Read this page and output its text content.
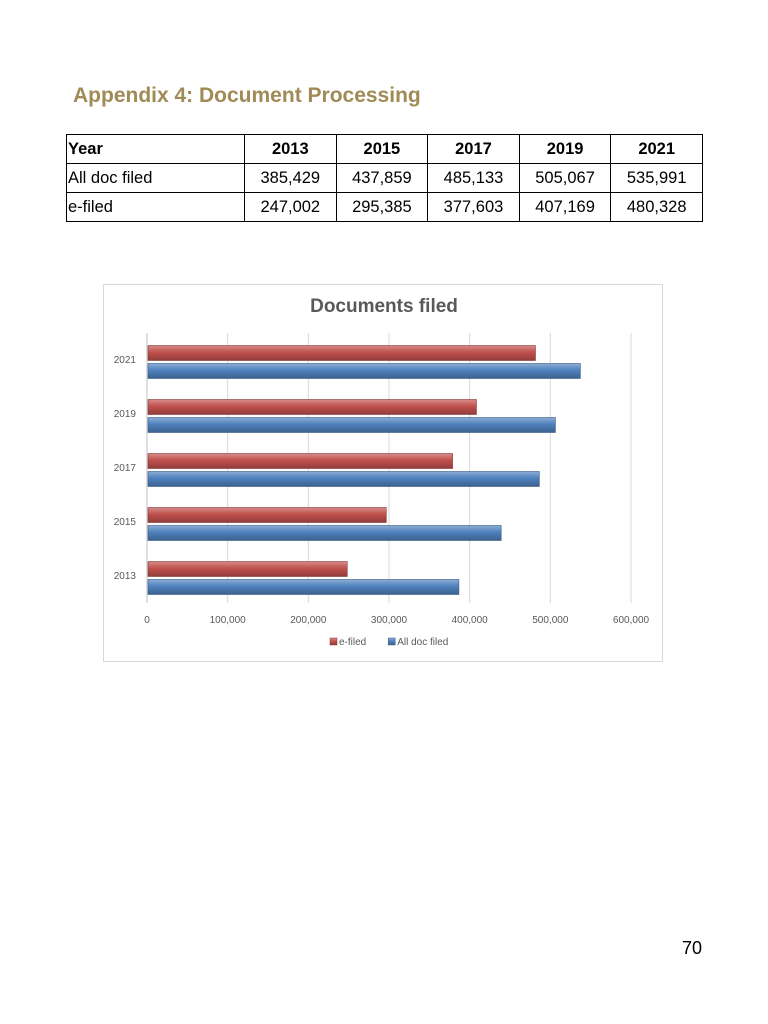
Appendix 4: Document Processing
Year	2013	2015	2017	2019	2021
All doc filed	385,429	437,859	485,133	505,067	535,991
e-filed	247,002	295,385	377,603	407,169	480,328
Documents filed
0	100,000	200,000	300,000	400,000	500,000	600,000
2013
2015
2017
2019
2021
e-filed	All doc filed
70
